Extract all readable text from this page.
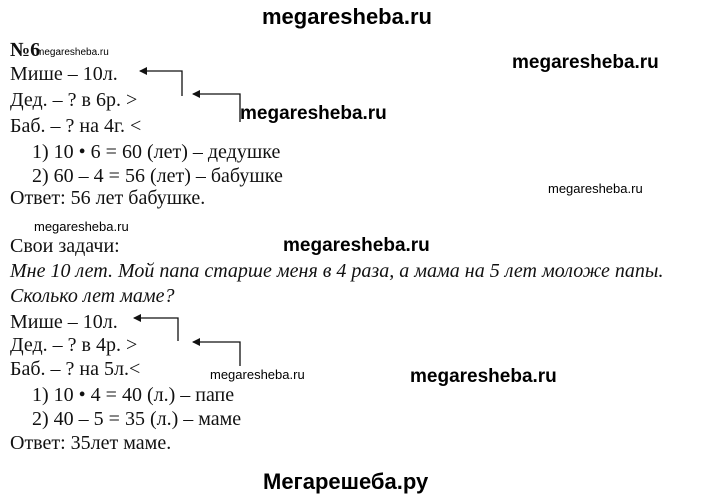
megaresheba.ru
№6
megaresheba.ru	megaresheba.ru
Мише – 10л.
Дед. – ? в 6р. >
megaresheba.ru
Баб. – ? на 4г. <
1) 10 • 6 = 60 (лет) – дедушке
2) 60 – 4 = 56 (лет) – бабушке
megaresheba.ru
Ответ: 56 лет бабушке.
megaresheba.ru
Свои задачи:	megaresheba.ru
Мне 10 лет. Мой папа старше меня в 4 раза, а мама на 5 лет моложе папы.
Сколько лет маме?
Мише – 10л.
Дед. – ? в 4р. >
Баб. – ? на 5л.<	megaresheba.ru	megaresheba.ru
1) 10 • 4 = 40 (л.) – папе
2) 40 – 5 = 35 (л.) – маме
Ответ: 35лет маме.
Мегарешеба.ру
